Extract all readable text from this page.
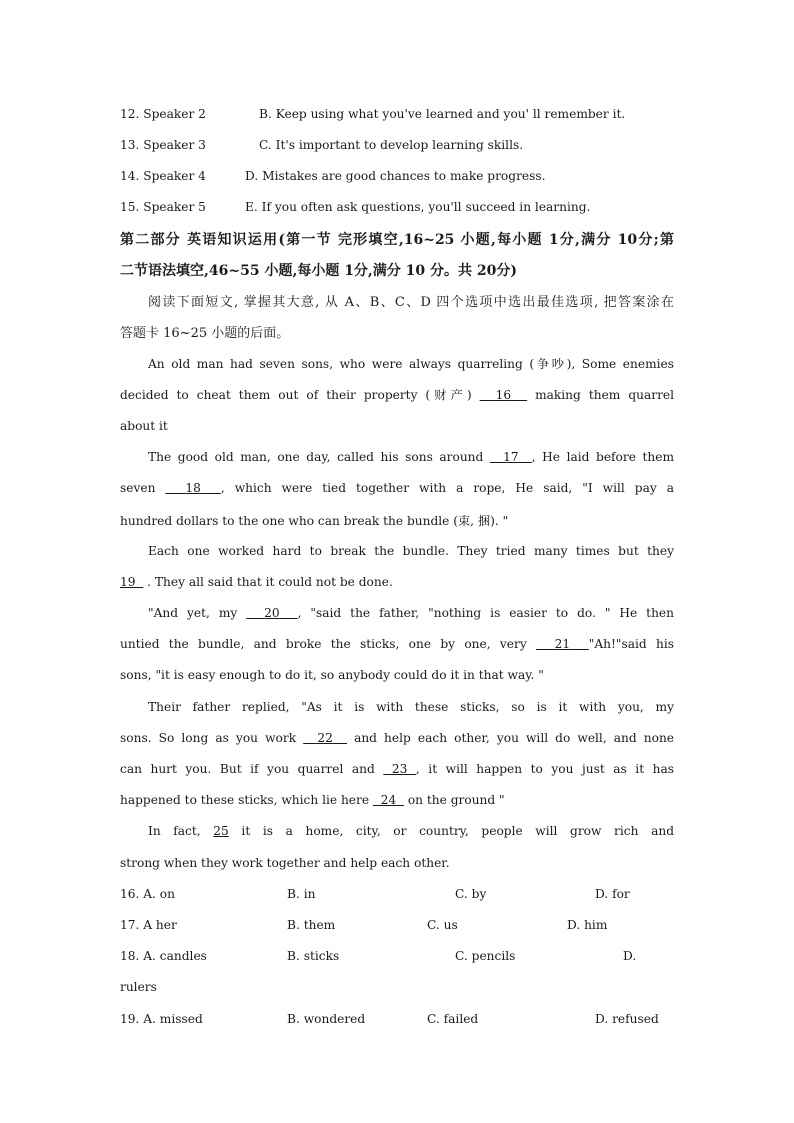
12. Speaker 2	B. Keep using what you've learned and you' ll remember it.
13. Speaker 3	C. It's important to develop learning skills.
14. Speaker 4	D. Mistakes are good chances to make progress.
15. Speaker 5	E. If you often ask questions, you'll succeed in learning.
第二部分 英语知识运用(第一节 完形填空,16~25 小题,每小题 1分,满分 10分;第
二节语法填空,46~55 小题,每小题 1分,满分 10 分。共 20分)
阅读下面短文, 掌握其大意, 从 A、B、C、D 四个选项中选出最佳选项, 把答案涂在
答题卡 16~25 小题的后面。
An old man had seven sons, who were always quarreling (争吵), Some enemies
decided to cheat them out of their property (财产) 16 making them quarrel
about it
The good old man, one day, called his sons around 17 , He laid before them
seven 18 , which were tied together with a rope, He said, "I will pay a
hundred dollars to the one who can break the bundle (束, 捆). "
Each one worked hard to break the bundle. They tried many times but they
19 . They all said that it could not be done.
"And yet, my 20 , "said the father, "nothing is easier to do. " He then
untied the bundle, and broke the sticks, one by one, very 21 "Ah!"said his
sons, "it is easy enough to do it, so anybody could do it in that way. "
Their father replied, "As it is with these sticks, so is it with you, my
sons. So long as you work 22 and help each other, you will do well, and none
can hurt you. But if you quarrel and 23 , it will happen to you just as it has
happened to these sticks, which lie here 24 on the ground "
In fact, 25 it is a home, city, or country, people will grow rich and
strong when they work together and help each other.
16. A. on	B. in	C. by	D. for
17. A her	B. them	C. us	D. him
18. A. candles	B. sticks	C. pencils	D.
rulers
19. A. missed	B. wondered	C. failed	D. refused
